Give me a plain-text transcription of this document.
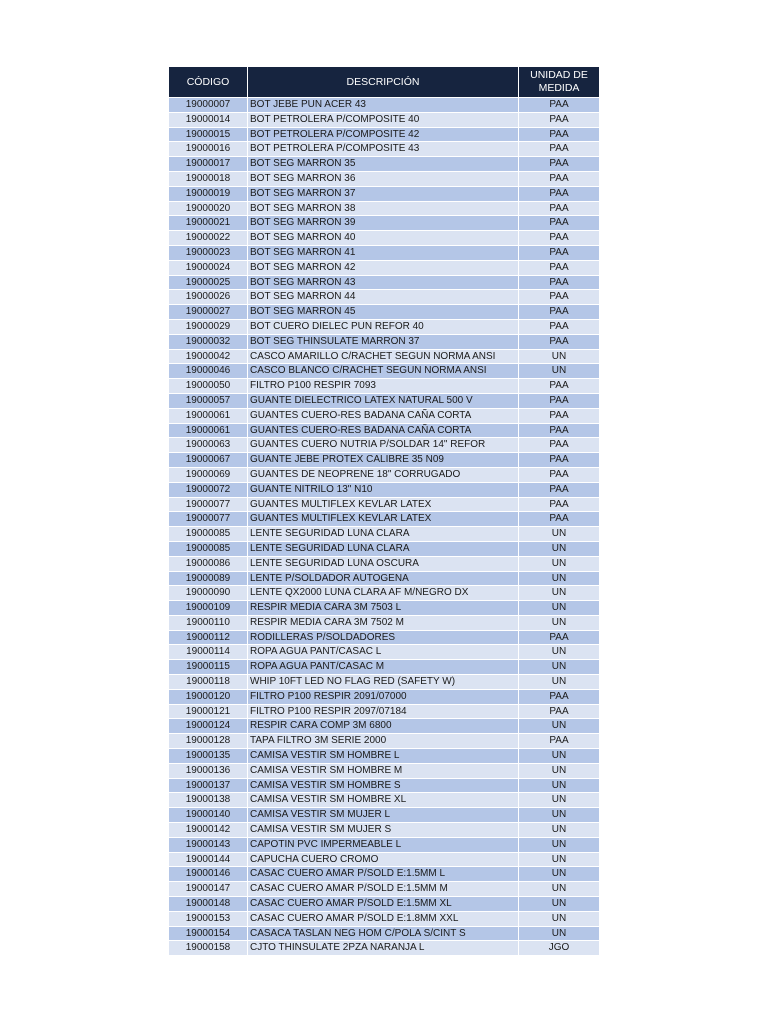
CÓDIGO	DESCRIPCIÓN	UNIDAD DE MEDIDA
19000007	BOT JEBE PUN ACER 43	PAA
19000014	BOT PETROLERA P/COMPOSITE 40	PAA
19000015	BOT PETROLERA P/COMPOSITE 42	PAA
19000016	BOT PETROLERA P/COMPOSITE 43	PAA
19000017	BOT SEG MARRON 35	PAA
19000018	BOT SEG MARRON 36	PAA
19000019	BOT SEG MARRON 37	PAA
19000020	BOT SEG MARRON 38	PAA
19000021	BOT SEG MARRON 39	PAA
19000022	BOT SEG MARRON 40	PAA
19000023	BOT SEG MARRON 41	PAA
19000024	BOT SEG MARRON 42	PAA
19000025	BOT SEG MARRON 43	PAA
19000026	BOT SEG MARRON 44	PAA
19000027	BOT SEG MARRON 45	PAA
19000029	BOT CUERO DIELEC PUN REFOR 40	PAA
19000032	BOT SEG THINSULATE MARRON 37	PAA
19000042	CASCO AMARILLO C/RACHET SEGUN NORMA ANSI	UN
19000046	CASCO BLANCO C/RACHET SEGUN NORMA ANSI	UN
19000050	FILTRO P100 RESPIR 7093	PAA
19000057	GUANTE DIELECTRICO LATEX NATURAL 500 V	PAA
19000061	GUANTES CUERO-RES BADANA CAÑA CORTA	PAA
19000061	GUANTES CUERO-RES BADANA CAÑA CORTA	PAA
19000063	GUANTES CUERO NUTRIA P/SOLDAR 14" REFOR	PAA
19000067	GUANTE JEBE PROTEX CALIBRE 35 N09	PAA
19000069	GUANTES DE NEOPRENE 18" CORRUGADO	PAA
19000072	GUANTE NITRILO 13" N10	PAA
19000077	GUANTES MULTIFLEX KEVLAR LATEX	PAA
19000077	GUANTES MULTIFLEX KEVLAR LATEX	PAA
19000085	LENTE SEGURIDAD LUNA CLARA	UN
19000085	LENTE SEGURIDAD LUNA CLARA	UN
19000086	LENTE SEGURIDAD LUNA OSCURA	UN
19000089	LENTE P/SOLDADOR AUTOGENA	UN
19000090	LENTE QX2000 LUNA CLARA AF M/NEGRO DX	UN
19000109	RESPIR MEDIA CARA 3M 7503 L	UN
19000110	RESPIR MEDIA CARA 3M 7502 M	UN
19000112	RODILLERAS P/SOLDADORES	PAA
19000114	ROPA AGUA PANT/CASAC L	UN
19000115	ROPA AGUA PANT/CASAC M	UN
19000118	WHIP 10FT LED NO FLAG RED (SAFETY W)	UN
19000120	FILTRO P100 RESPIR 2091/07000	PAA
19000121	FILTRO P100 RESPIR 2097/07184	PAA
19000124	RESPIR CARA COMP 3M 6800	UN
19000128	TAPA FILTRO 3M SERIE 2000	PAA
19000135	CAMISA VESTIR SM HOMBRE L	UN
19000136	CAMISA VESTIR SM HOMBRE M	UN
19000137	CAMISA VESTIR SM HOMBRE S	UN
19000138	CAMISA VESTIR SM HOMBRE XL	UN
19000140	CAMISA VESTIR SM MUJER L	UN
19000142	CAMISA VESTIR SM MUJER S	UN
19000143	CAPOTIN PVC IMPERMEABLE L	UN
19000144	CAPUCHA CUERO CROMO	UN
19000146	CASAC CUERO AMAR P/SOLD E:1.5MM L	UN
19000147	CASAC CUERO AMAR P/SOLD E:1.5MM M	UN
19000148	CASAC CUERO AMAR P/SOLD E:1.5MM XL	UN
19000153	CASAC CUERO AMAR P/SOLD E:1.8MM XXL	UN
19000154	CASACA TASLAN NEG HOM C/POLA S/CINT S	UN
19000158	CJTO THINSULATE 2PZA NARANJA L	JGO
